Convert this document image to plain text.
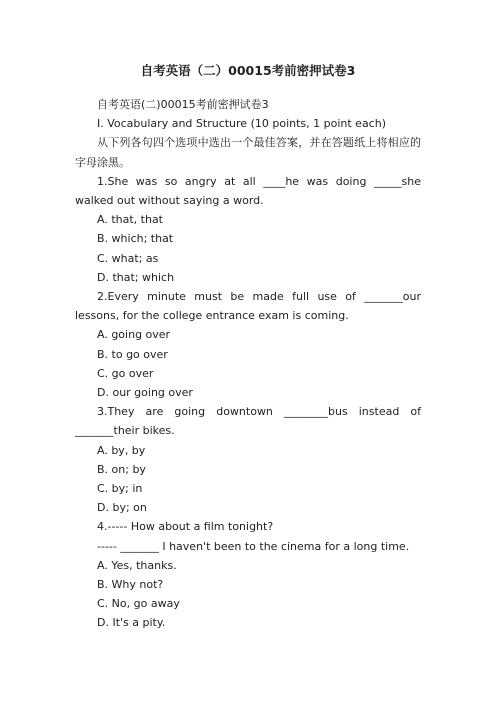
自考英语（二）00015考前密押试卷3

自考英语(二)00015考前密押试卷3

Ⅰ. Vocabulary and Structure (10 points, 1 point each)

从下列各句四个选项中选出一个最佳答案，并在答题纸上将相应的字母涂黑。

1.She was so angry at all ____he was doing _____she walked out without saying a word.

A. that, that

B. which; that

C. what; as

D. that; which

2.Every minute must be made full use of _______our lessons, for the college entrance exam is coming.

A. going over

B. to go over

C. go over

D. our going over

3.They are going downtown ________bus instead of

_______their bikes.

A. by, by

B. on; by

C. by; in

D. by; on

4.----- How about a film tonight?

----- _______ I haven't been to the cinema for a long time.

A. Yes, thanks.

B. Why not?

C. No, go away

D. It's a pity.
